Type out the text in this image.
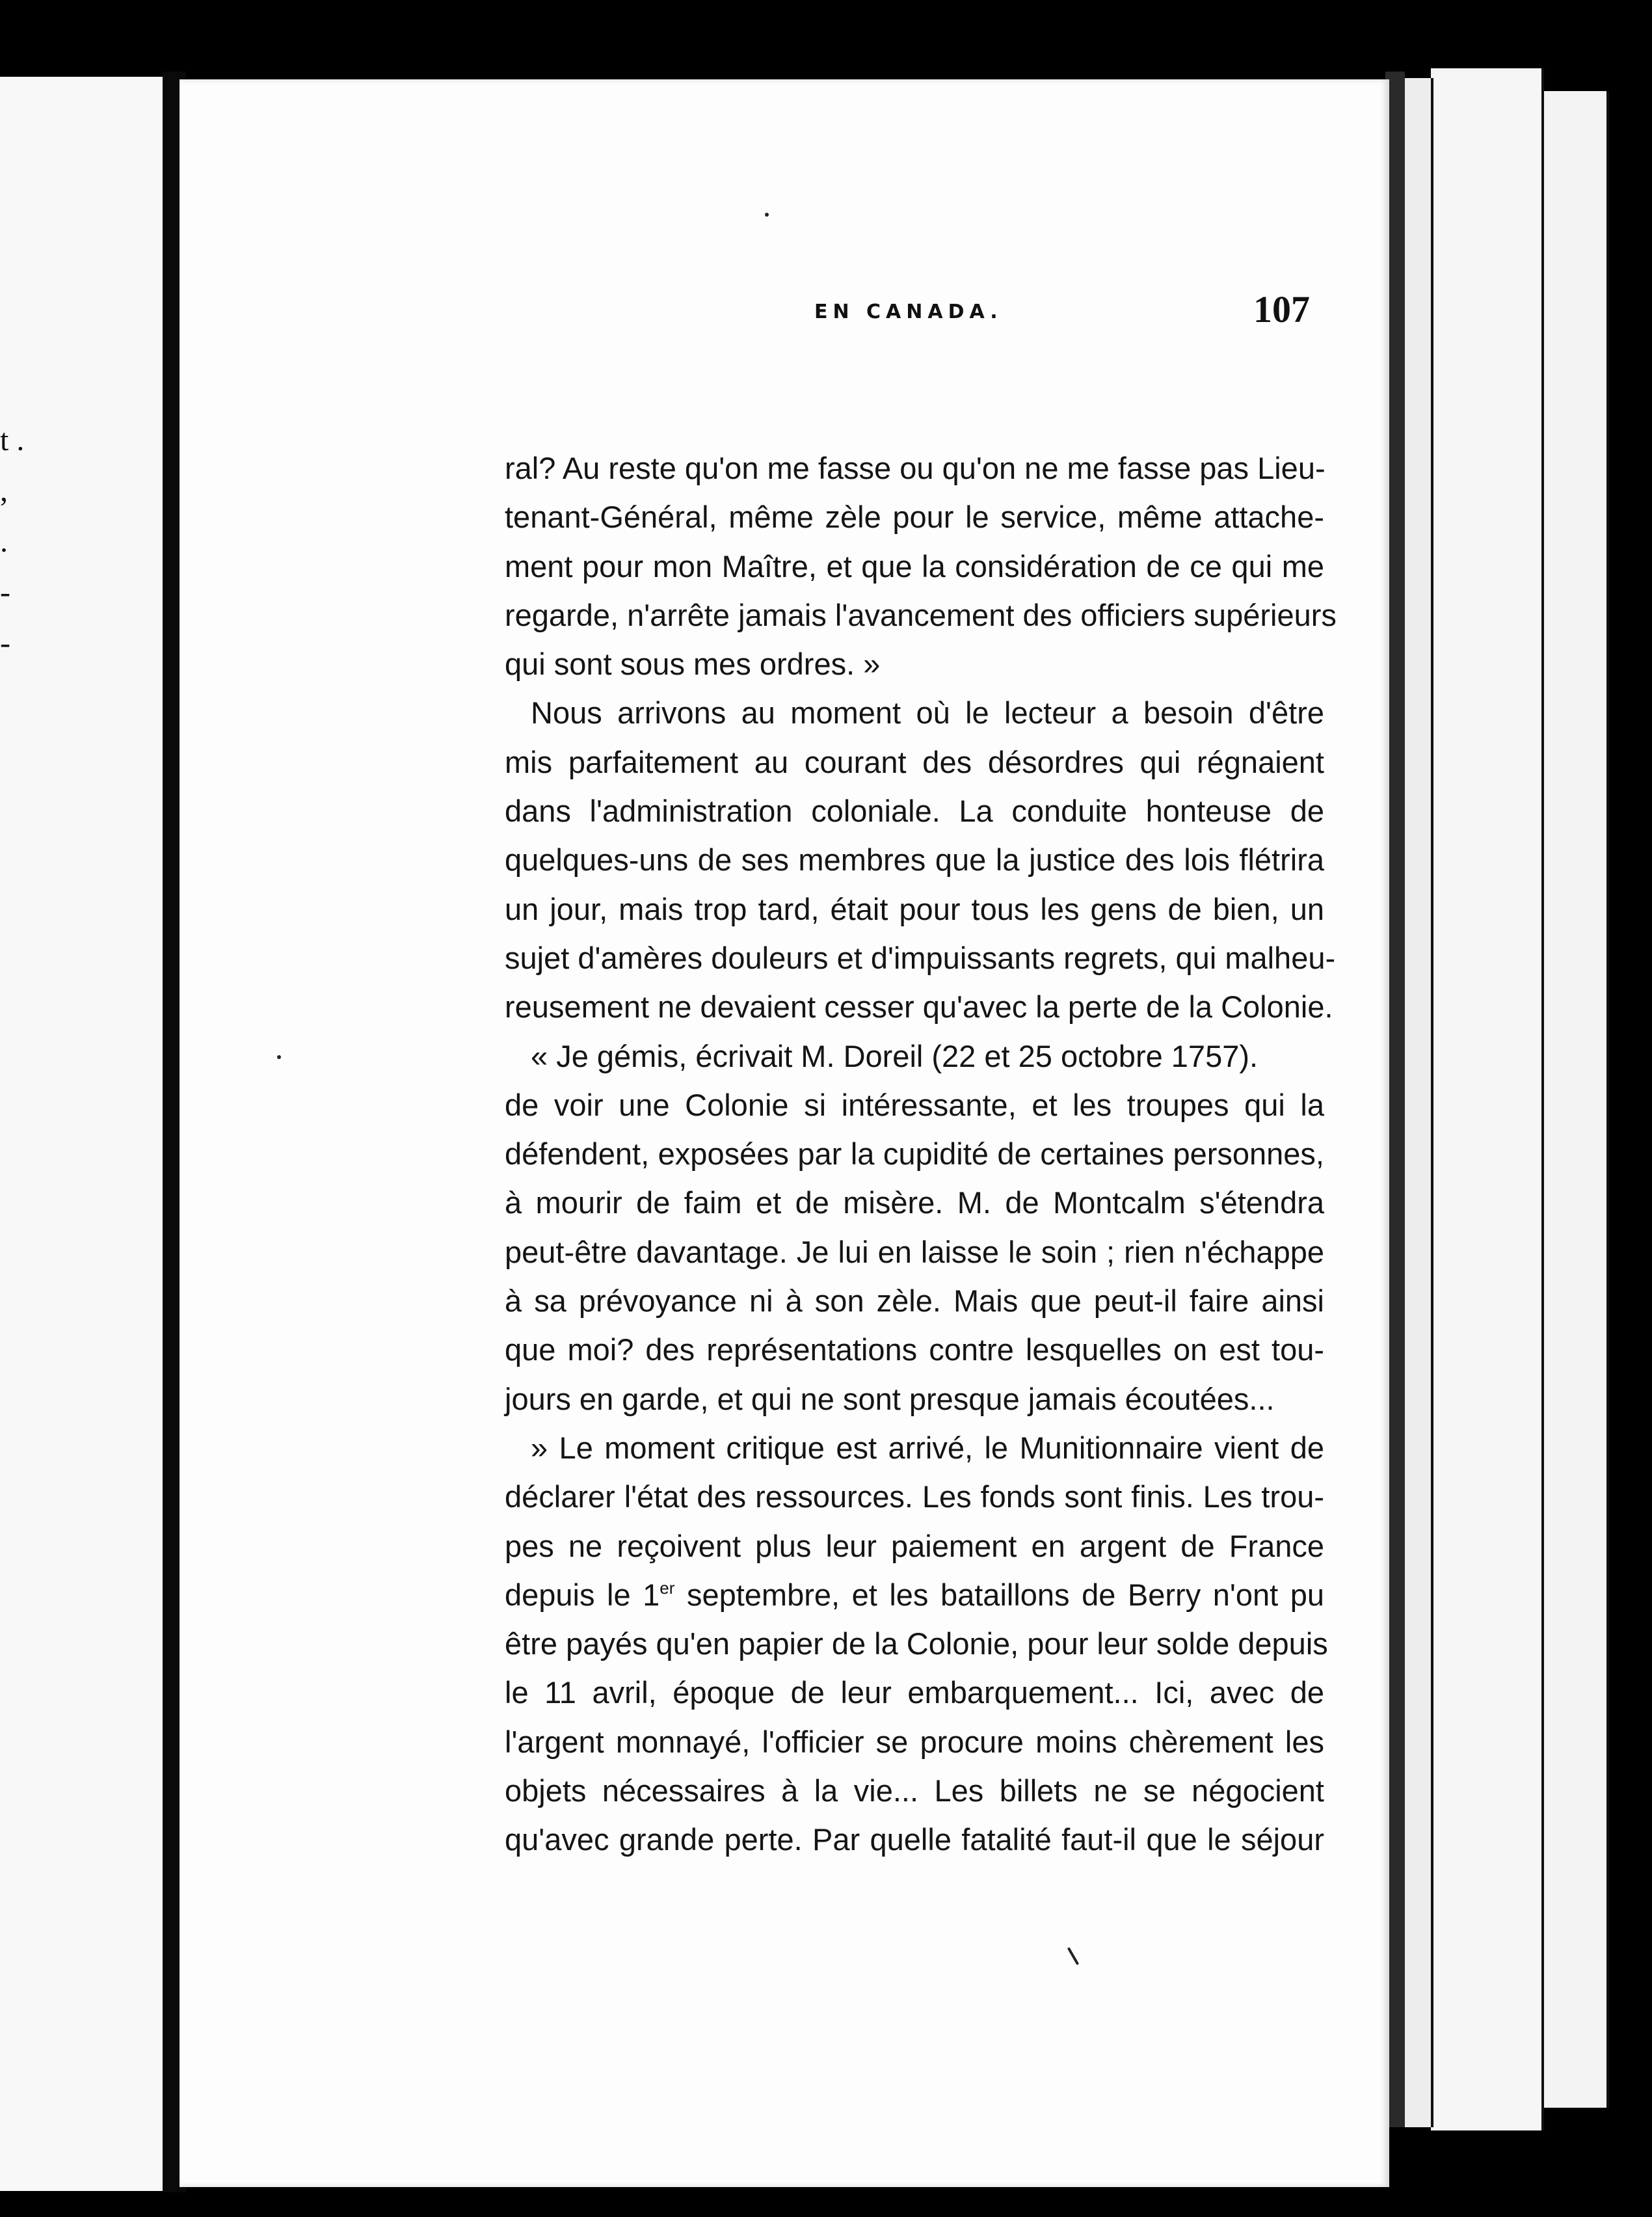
t .
,
.
-
-
EN CANADA.	107
ral? Au reste qu'on me fasse ou qu'on ne me fasse pas Lieu-
tenant-Général, même zèle pour le service, même attache-
ment pour mon Maître, et que la considération de ce qui me
regarde, n'arrête jamais l'avancement des officiers supérieurs
qui sont sous mes ordres. »
Nous arrivons au moment où le lecteur a besoin d'être
mis parfaitement au courant des désordres qui régnaient
dans l'administration coloniale. La conduite honteuse de
quelques-uns de ses membres que la justice des lois flétrira
un jour, mais trop tard, était pour tous les gens de bien, un
sujet d'amères douleurs et d'impuissants regrets, qui malheu-
reusement ne devaient cesser qu'avec la perte de la Colonie.
« Je gémis, écrivait M. Doreil (22 et 25 octobre 1757).
de voir une Colonie si intéressante, et les troupes qui la
défendent, exposées par la cupidité de certaines personnes,
à mourir de faim et de misère. M. de Montcalm s'étendra
peut-être davantage. Je lui en laisse le soin ; rien n'échappe
à sa prévoyance ni à son zèle. Mais que peut-il faire ainsi
que moi? des représentations contre lesquelles on est tou-
jours en garde, et qui ne sont presque jamais écoutées...
» Le moment critique est arrivé, le Munitionnaire vient de
déclarer l'état des ressources. Les fonds sont finis. Les trou-
pes ne reçoivent plus leur paiement en argent de France
depuis le 1er septembre, et les bataillons de Berry n'ont pu
être payés qu'en papier de la Colonie, pour leur solde depuis
le 11 avril, époque de leur embarquement... Ici, avec de
l'argent monnayé, l'officier se procure moins chèrement les
objets nécessaires à la vie... Les billets ne se négocient
qu'avec grande perte. Par quelle fatalité faut-il que le séjour
